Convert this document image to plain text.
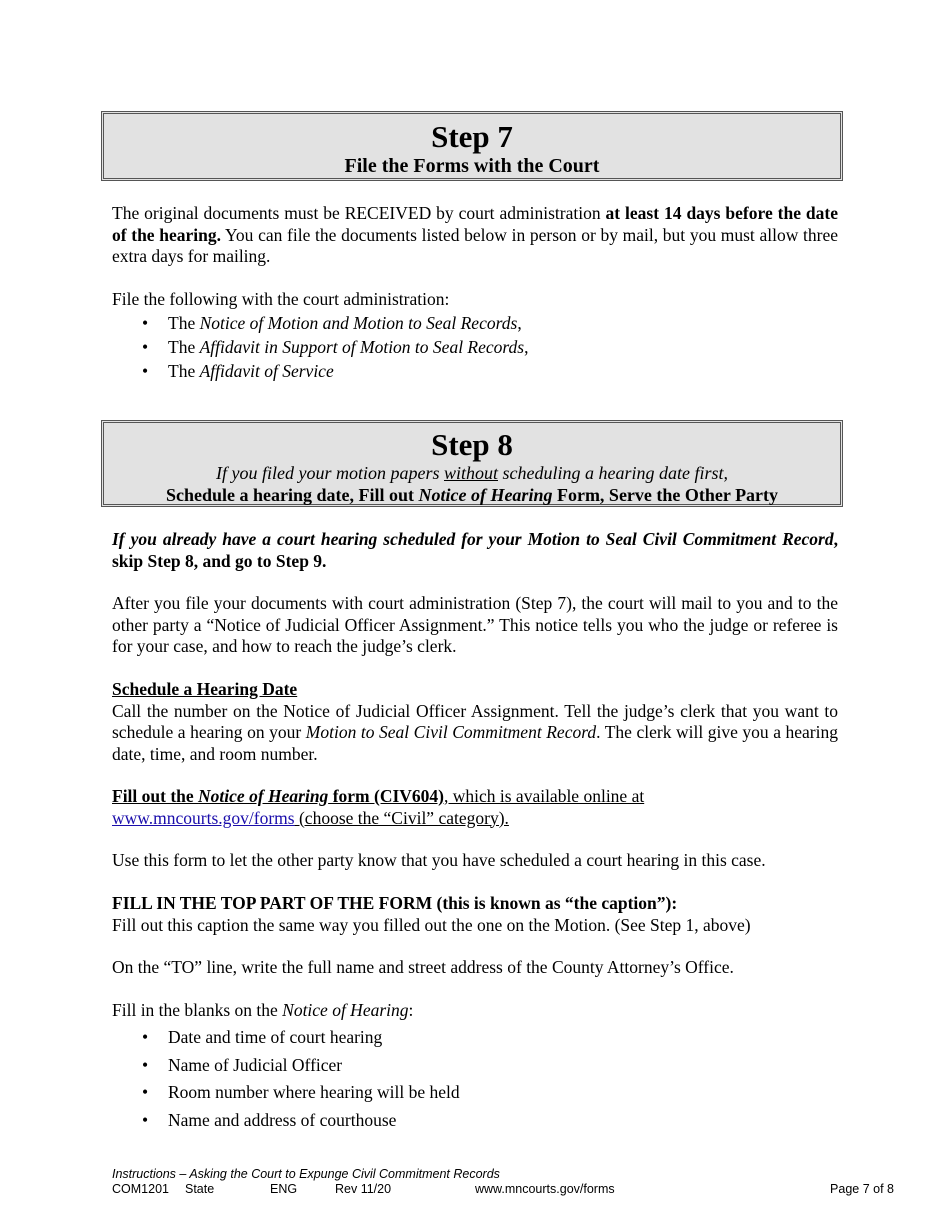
Step 7
File the Forms with the Court
The original documents must be RECEIVED by court administration at least 14 days before the date of the hearing. You can file the documents listed below in person or by mail, but you must allow three extra days for mailing.
File the following with the court administration:
• The Notice of Motion and Motion to Seal Records,
• The Affidavit in Support of Motion to Seal Records,
• The Affidavit of Service
Step 8
If you filed your motion papers without scheduling a hearing date first,
Schedule a hearing date, Fill out Notice of Hearing Form, Serve the Other Party
If you already have a court hearing scheduled for your Motion to Seal Civil Commitment Record, skip Step 8, and go to Step 9.
After you file your documents with court administration (Step 7), the court will mail to you and to the other party a “Notice of Judicial Officer Assignment.” This notice tells you who the judge or referee is for your case, and how to reach the judge’s clerk.
Schedule a Hearing Date
Call the number on the Notice of Judicial Officer Assignment. Tell the judge’s clerk that you want to schedule a hearing on your Motion to Seal Civil Commitment Record. The clerk will give you a hearing date, time, and room number.
Fill out the Notice of Hearing form (CIV604), which is available online at
www.mncourts.gov/forms (choose the “Civil” category).
Use this form to let the other party know that you have scheduled a court hearing in this case.
FILL IN THE TOP PART OF THE FORM (this is known as “the caption”):
Fill out this caption the same way you filled out the one on the Motion. (See Step 1, above)
On the “TO” line, write the full name and street address of the County Attorney’s Office.
Fill in the blanks on the Notice of Hearing:
• Date and time of court hearing
• Name of Judicial Officer
• Room number where hearing will be held
• Name and address of courthouse
Instructions – Asking the Court to Expunge Civil Commitment Records
COM1201 State	ENG	Rev 11/20	www.mncourts.gov/forms	Page 7 of 8
